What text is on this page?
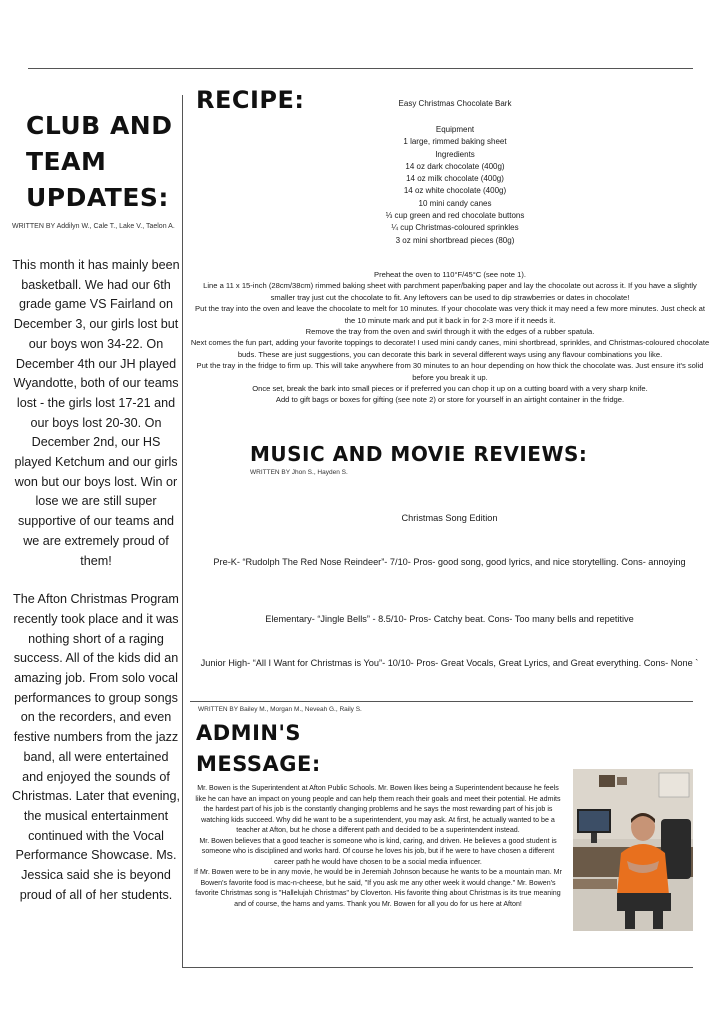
CLUB AND TEAM UPDATES:
WRITTEN BY Addilyn W., Cale T., Lake V., Taelon A.

This month it has mainly been basketball. We had our 6th grade game VS Fairland on December 3, our girls lost but our boys won 34-22. On December 4th our JH played Wyandotte, both of our teams lost - the girls lost 17-21 and our boys lost 20-30. On December 2nd, our HS played Ketchum and our girls won but our boys lost. Win or lose we are still super supportive of our teams and we are extremely proud of them!

The Afton Christmas Program recently took place and it was nothing short of a raging success. All of the kids did an amazing job. From solo vocal performances to group songs on the recorders, and even festive numbers from the jazz band, all were entertained and enjoyed the sounds of Christmas. Later that evening, the musical entertainment continued with the Vocal Performance Showcase. Ms. Jessica said she is beyond proud of all of her students.

RECIPE:	Easy Christmas Chocolate Bark
Equipment
1 large, rimmed baking sheet
Ingredients
14 oz dark chocolate (400g)
14 oz milk chocolate (400g)
14 oz white chocolate (400g)
10 mini candy canes
⅓ cup green and red chocolate buttons
¼ cup Christmas-coloured sprinkles
3 oz mini shortbread pieces (80g)
Preheat the oven to 110°F/45°C (see note 1).
Line a 11 x 15-inch (28cm/38cm) rimmed baking sheet with parchment paper/baking paper and lay the chocolate out across it. If you have a slightly smaller tray just cut the chocolate to fit. Any leftovers can be used to dip strawberries or dates in chocolate!
Put the tray into the oven and leave the chocolate to melt for 10 minutes. If your chocolate was very thick it may need a few more minutes. Just check at the 10 minute mark and put it back in for 2-3 more if it needs it.
Remove the tray from the oven and swirl through it with the edges of a rubber spatula.
Next comes the fun part, adding your favorite toppings to decorate! I used mini candy canes, mini shortbread, sprinkles, and Christmas-coloured chocolate buds. These are just suggestions, you can decorate this bark in several different ways using any flavour combinations you like.
Put the tray in the fridge to firm up. This will take anywhere from 30 minutes to an hour depending on how thick the chocolate was. Just ensure it's solid before you break it up.
Once set, break the bark into small pieces or if preferred you can chop it up on a cutting board with a very sharp knife.
Add to gift bags or boxes for gifting (see note 2) or store for yourself in an airtight container in the fridge.
MUSIC AND MOVIE REVIEWS:
WRITTEN BY Jhon S., Hayden S.
Christmas Song Edition
Pre-K- “Rudolph The Red Nose Reindeer”- 7/10- Pros- good song, good lyrics, and nice storytelling. Cons- annoying
Elementary- “Jingle Bells” - 8.5/10- Pros- Catchy beat. Cons- Too many bells and repetitive
Junior High- “All I Want for Christmas is You”- 10/10- Pros- Great Vocals, Great Lyrics, and Great everything. Cons- None `
WRITTEN BY Bailey M., Morgan M., Neveah G., Raily S.
ADMIN'S MESSAGE:
Mr. Bowen is the Superintendent at Afton Public Schools. Mr. Bowen likes being a Superintendent because he feels like he can have an impact on young people and can help them reach their goals and meet their potential. He admits the hardest part of his job is the constantly changing problems and he says the most rewarding part of his job is watching kids succeed. Why did he want to be a superintendent, you may ask. At first, he actually wanted to be a teacher at Afton, but he chose a different path and decided to be a superintendent instead.
Mr. Bowen believes that a good teacher is someone who is kind, caring, and driven. He believes a good student is someone who is disciplined and works hard. Of course he loves his job, but if he were to have chosen a different career path he would have chosen to be a social media influencer.
If Mr. Bowen were to be in any movie, he would be in Jeremiah Johnson because he wants to be a mountain man. Mr Bowen's favorite food is mac-n-cheese, but he said, "If you ask me any other week it would change." Mr. Bowen's favorite Christmas song is "Hallelujah Christmas" by Cloverton. His favorite thing about Christmas is its true meaning and of course, the hams and yams. Thank you Mr. Bowen for all you do for us here at Afton!
